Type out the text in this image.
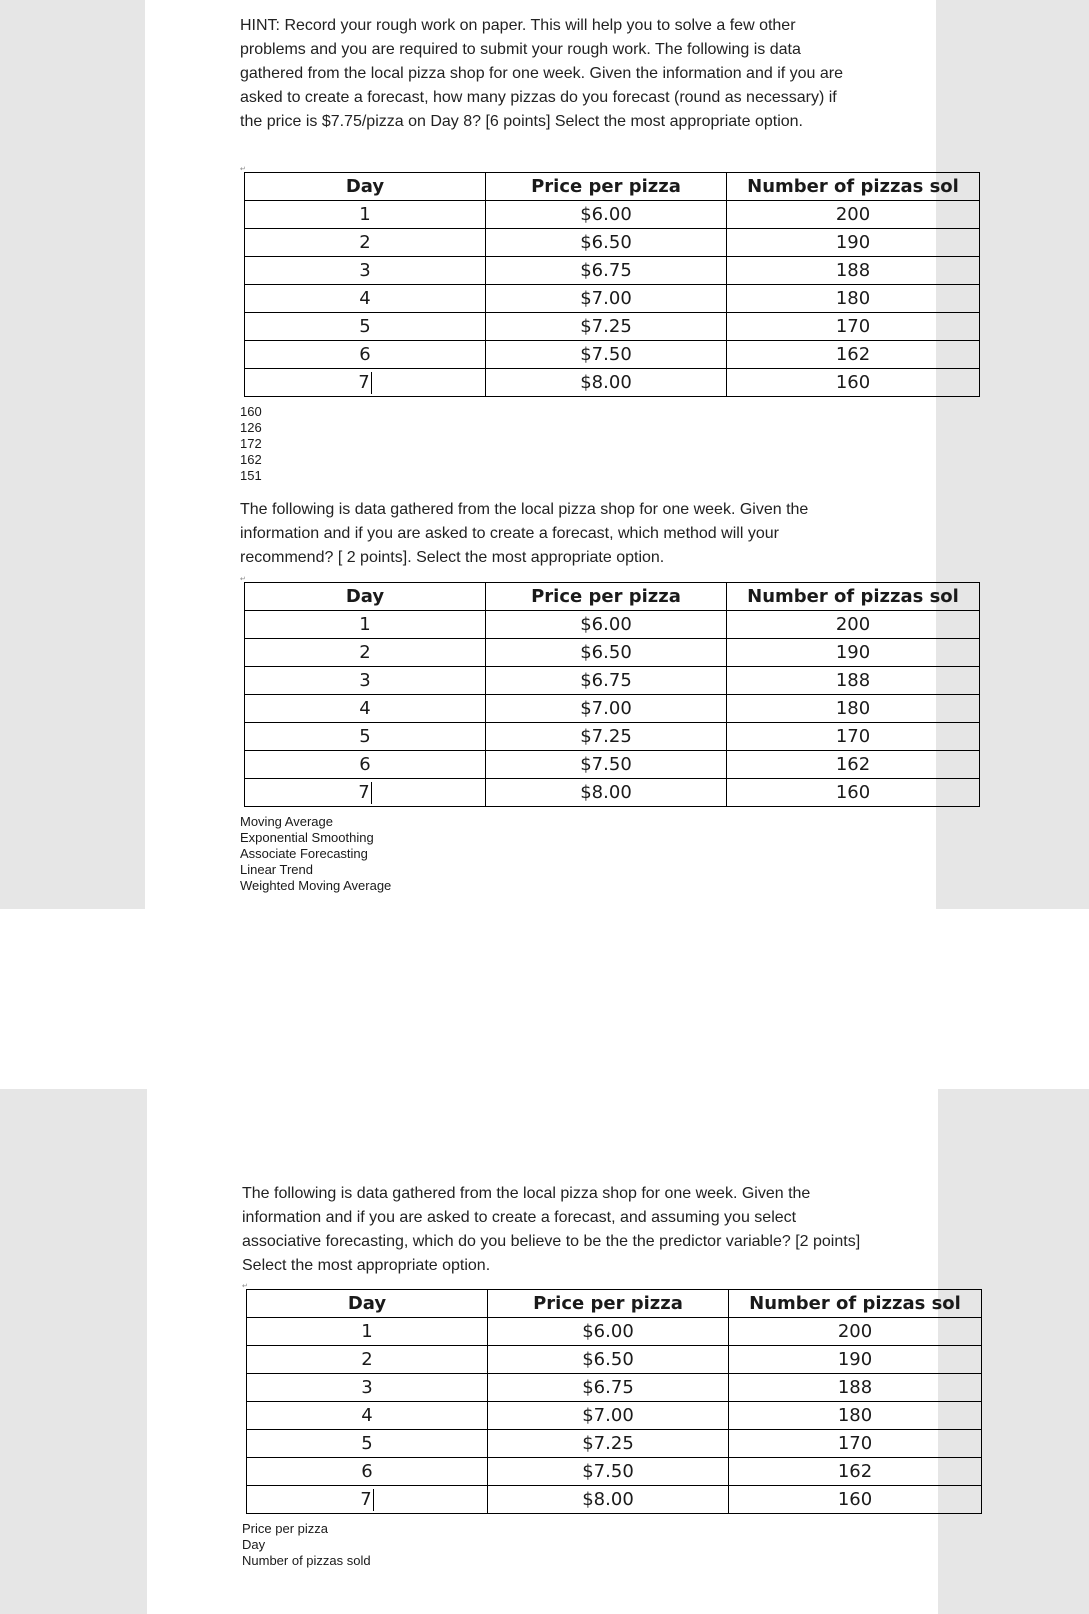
HINT: Record your rough work on paper. This will help you to solve a few other problems and you are required to submit your rough work. The following is data gathered from the local pizza shop for one week. Given the information and if you are asked to create a forecast, how many pizzas do you forecast (round as necessary) if the price is $7.75/pizza on Day 8? [6 points] Select the most appropriate option.

↵
Day	Price per pizza	Number of pizzas sol
1	$6.00	200
2	$6.50	190
3	$6.75	188
4	$7.00	180
5	$7.25	170
6	$7.50	162
7	$8.00	160
160
126
172
162
151

The following is data gathered from the local pizza shop for one week. Given the information and if you are asked to create a forecast, which method will your recommend? [ 2 points]. Select the most appropriate option.

↵
Day	Price per pizza	Number of pizzas sol
1	$6.00	200
2	$6.50	190
3	$6.75	188
4	$7.00	180
5	$7.25	170
6	$7.50	162
7	$8.00	160
Moving Average
Exponential Smoothing
Associate Forecasting
Linear Trend
Weighted Moving Average

The following is data gathered from the local pizza shop for one week. Given the information and if you are asked to create a forecast, and assuming you select associative forecasting, which do you believe to be the the predictor variable? [2 points] Select the most appropriate option.

↵
Day	Price per pizza	Number of pizzas sol
1	$6.00	200
2	$6.50	190
3	$6.75	188
4	$7.00	180
5	$7.25	170
6	$7.50	162
7	$8.00	160
Price per pizza
Day
Number of pizzas sold
